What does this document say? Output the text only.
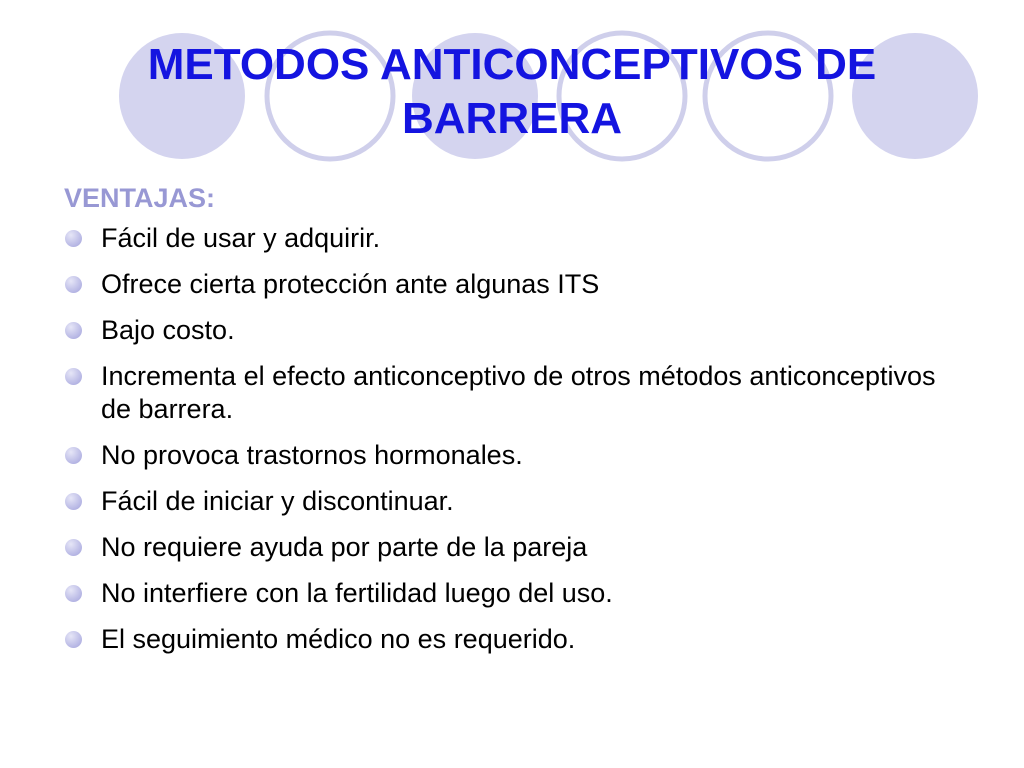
METODOS ANTICONCEPTIVOS DE
BARRERA
VENTAJAS:
Fácil de usar y adquirir.
Ofrece cierta protección ante algunas ITS
Bajo costo.
Incrementa el efecto anticonceptivo de otros métodos anticonceptivos de barrera.
No provoca trastornos hormonales.
Fácil de iniciar y discontinuar.
No requiere ayuda por parte de la pareja
No interfiere con la fertilidad luego del uso.
El seguimiento médico no es requerido.
